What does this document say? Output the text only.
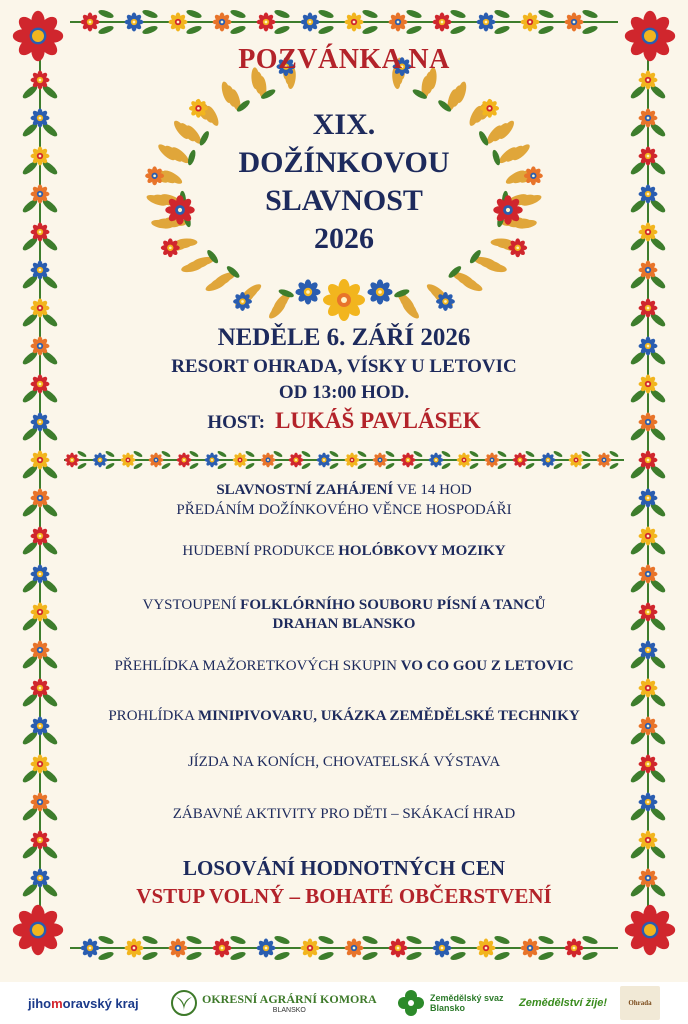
POZVÁNKA NA
XIX.
DOŽÍNKOVOU
SLAVNOST
2026
NEDĚLE 6. ZÁŘÍ 2026
RESORT OHRADA, VÍSKY U LETOVIC
OD 13:00 HOD.
HOST: LUKÁŠ PAVLÁSEK
SLAVNOSTNÍ ZAHÁJENÍ VE 14 HOD
PŘEDÁNÍM DOŽÍNKOVÉHO VĚNCE HOSPODÁŘI
HUDEBNÍ PRODUKCE HOLÓBKOVY MOZIKY
VYSTOUPENÍ FOLKLÓRNÍHO SOUBORU PÍSNÍ A TANCŮ
DRAHAN BLANSKO
PŘEHLÍDKA MAŽORETKOVÝCH SKUPIN VO CO GOU Z LETOVIC
PROHLÍDKA MINIPIVOVARU, UKÁZKA ZEMĚDĚLSKÉ TECHNIKY
JÍZDA NA KONÍCH, CHOVATELSKÁ VÝSTAVA
ZÁBAVNÉ AKTIVITY PRO DĚTI – SKÁKACÍ HRAD
LOSOVÁNÍ HODNOTNÝCH CEN
VSTUP VOLNÝ – BOHATÉ OBČERSTVENÍ
jiho m oravský kraj	OKRESNÍ AGRÁRNÍ KOMORA
BLANSKO
Zemědělský svaz
Blansko	Zemědělství žije!	Ohrada
